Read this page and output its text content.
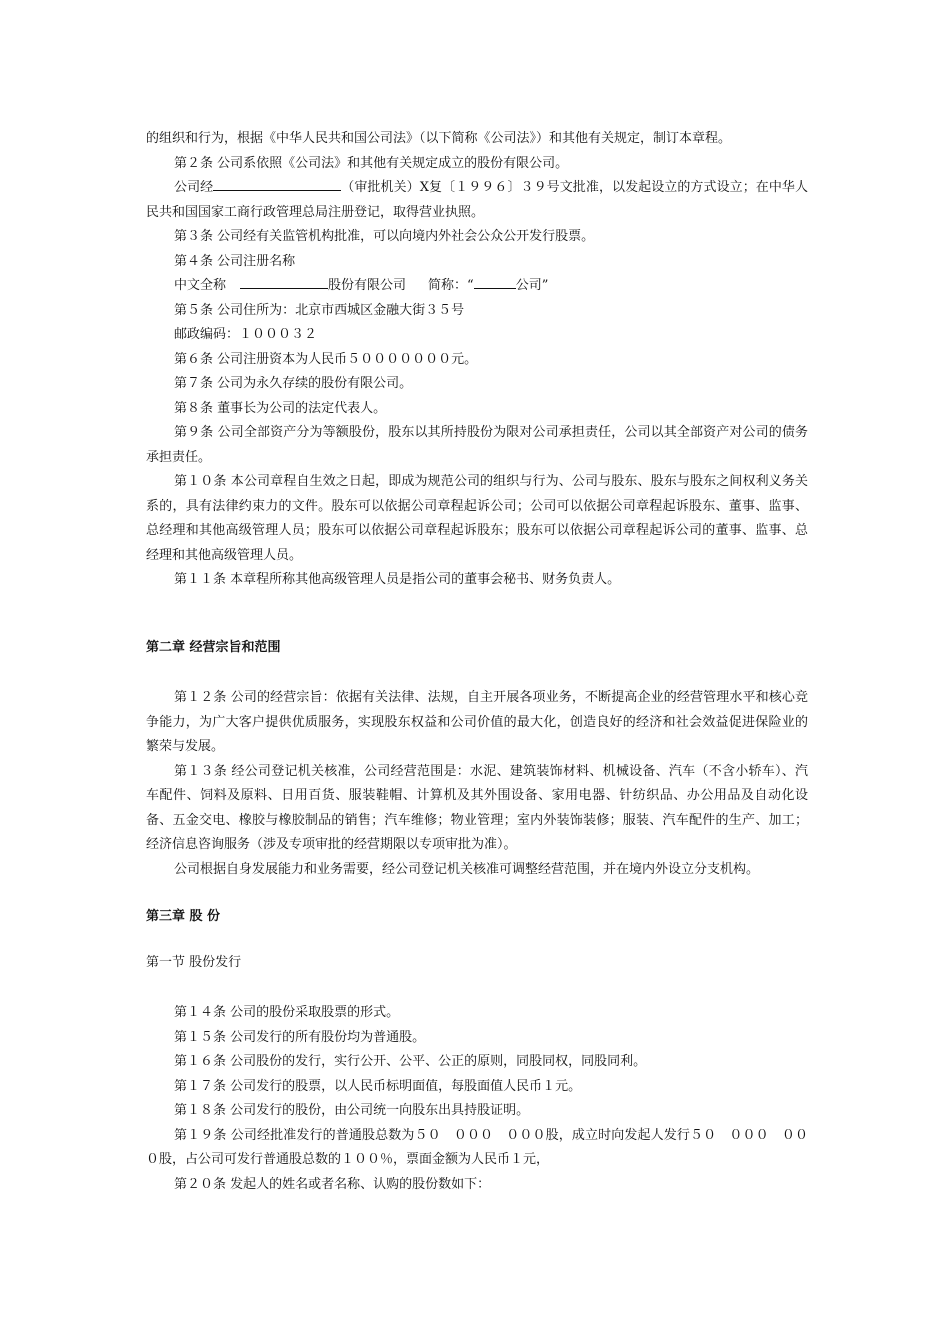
的组织和行为，根据《中华人民共和国公司法》（以下简称《公司法》）和其他有关规定，制订本章程。

第２条 公司系依照《公司法》和其他有关规定成立的股份有限公司。

公司经	（审批机关）X复〔１９９６〕３９号文批准，以发起设立的方式设立；在中华人民共和国国家工商行政管理总局注册登记，取得营业执照。

第３条 公司经有关监管机构批准，可以向境内外社会公众公开发行股票。

第４条 公司注册名称

中文全称	股份有限公司 简称：“	公司”

第５条 公司住所为：北京市西城区金融大街３５号

邮政编码：１０００３２

第６条 公司注册资本为人民币５０００００００元。

第７条 公司为永久存续的股份有限公司。

第８条 董事长为公司的法定代表人。

第９条 公司全部资产分为等额股份，股东以其所持股份为限对公司承担责任，公司以其全部资产对公司的债务承担责任。

第１０条 本公司章程自生效之日起，即成为规范公司的组织与行为、公司与股东、股东与股东之间权利义务关系的，具有法律约束力的文件。股东可以依据公司章程起诉公司；公司可以依据公司章程起诉股东、董事、监事、总经理和其他高级管理人员；股东可以依据公司章程起诉股东；股东可以依据公司章程起诉公司的董事、监事、总经理和其他高级管理人员。

第１１条 本章程所称其他高级管理人员是指公司的董事会秘书、财务负责人。

第二章 经营宗旨和范围

第１２条 公司的经营宗旨：依据有关法律、法规，自主开展各项业务，不断提高企业的经营管理水平和核心竞争能力，为广大客户提供优质服务，实现股东权益和公司价值的最大化，创造良好的经济和社会效益促进保险业的繁荣与发展。

第１３条 经公司登记机关核准，公司经营范围是：水泥、建筑装饰材料、机械设备、汽车（不含小轿车）、汽车配件、饲料及原料、日用百货、服装鞋帽、计算机及其外围设备、家用电器、针纺织品、办公用品及自动化设备、五金交电、橡胶与橡胶制品的销售；汽车维修；物业管理；室内外装饰装修；服装、汽车配件的生产、加工；经济信息咨询服务（涉及专项审批的经营期限以专项审批为准）。

公司根据自身发展能力和业务需要，经公司登记机关核准可调整经营范围，并在境内外设立分支机构。

第三章 股 份

第一节 股份发行

第１４条 公司的股份采取股票的形式。

第１５条 公司发行的所有股份均为普通股。

第１６条 公司股份的发行，实行公开、公平、公正的原则，同股同权，同股同利。

第１７条 公司发行的股票，以人民币标明面值，每股面值人民币１元。

第１８条 公司发行的股份，由公司统一向股东出具持股证明。

第１９条 公司经批准发行的普通股总数为５０　０００　０００股，成立时向发起人发行５０　０００　０００股，占公司可发行普通股总数的１００％，票面金额为人民币１元，

第２０条 发起人的姓名或者名称、认购的股份数如下：
